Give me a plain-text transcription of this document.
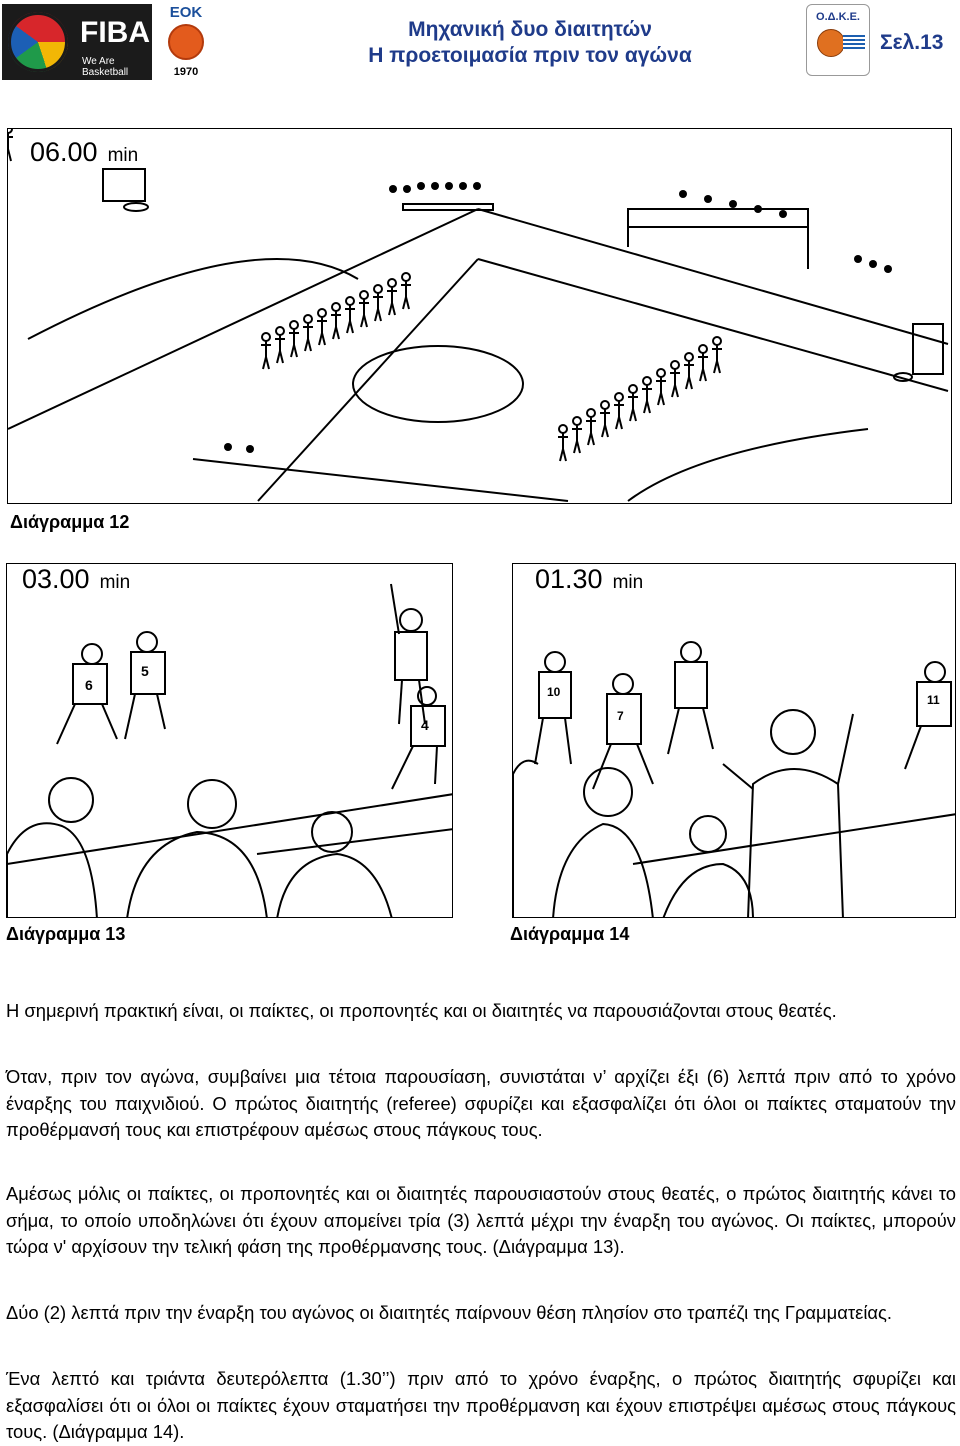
FIBA
We Are Basketball
ΕΟΚ
1970
Μηχανική δυο διαιτητών
Η προετοιμασία πριν τον αγώνα
Ο.Δ.Κ.Ε.
Σελ.13
06.00 min
Διάγραμμα 12
6
5
4
03.00 min
Διάγραμμα 13
10
7
11
01.30 min
Διάγραμμα 14
Η σημερινή πρακτική είναι, οι παίκτες, οι προπονητές και οι διαιτητές να παρουσιάζονται στους θεατές.
Όταν, πριν τον αγώνα, συμβαίνει μια τέτοια παρουσίαση, συνιστάται ν’ αρχίζει έξι (6) λεπτά πριν από το χρόνο έναρξης του παιχνιδιού. Ο πρώτος διαιτητής (referee) σφυρίζει και εξασφαλίζει ότι όλοι οι παίκτες σταματούν την προθέρμανσή τους και επιστρέφουν αμέσως στους πάγκους τους.
Αμέσως μόλις οι παίκτες, οι προπονητές και οι διαιτητές παρουσιαστούν στους θεατές, ο πρώτος διαιτητής κάνει το σήμα, το οποίο υποδηλώνει ότι έχουν απομείνει τρία (3) λεπτά μέχρι την έναρξη του αγώνος. Οι παίκτες, μπορούν τώρα ν' αρχίσουν την τελική φάση της προθέρμανσης τους. (Διάγραμμα 13).
Δύο (2) λεπτά πριν την έναρξη του αγώνος οι διαιτητές παίρνουν θέση πλησίον στο τραπέζι της Γραμματείας.
Ένα λεπτό και τριάντα δευτερόλεπτα (1.30’’) πριν από το χρόνο έναρξης, ο πρώτος διαιτητής σφυρίζει και εξασφαλίσει ότι οι όλοι οι παίκτες έχουν σταματήσει την προθέρμανση και έχουν επιστρέψει αμέσως στους πάγκους τους. (Διάγραμμα 14).
